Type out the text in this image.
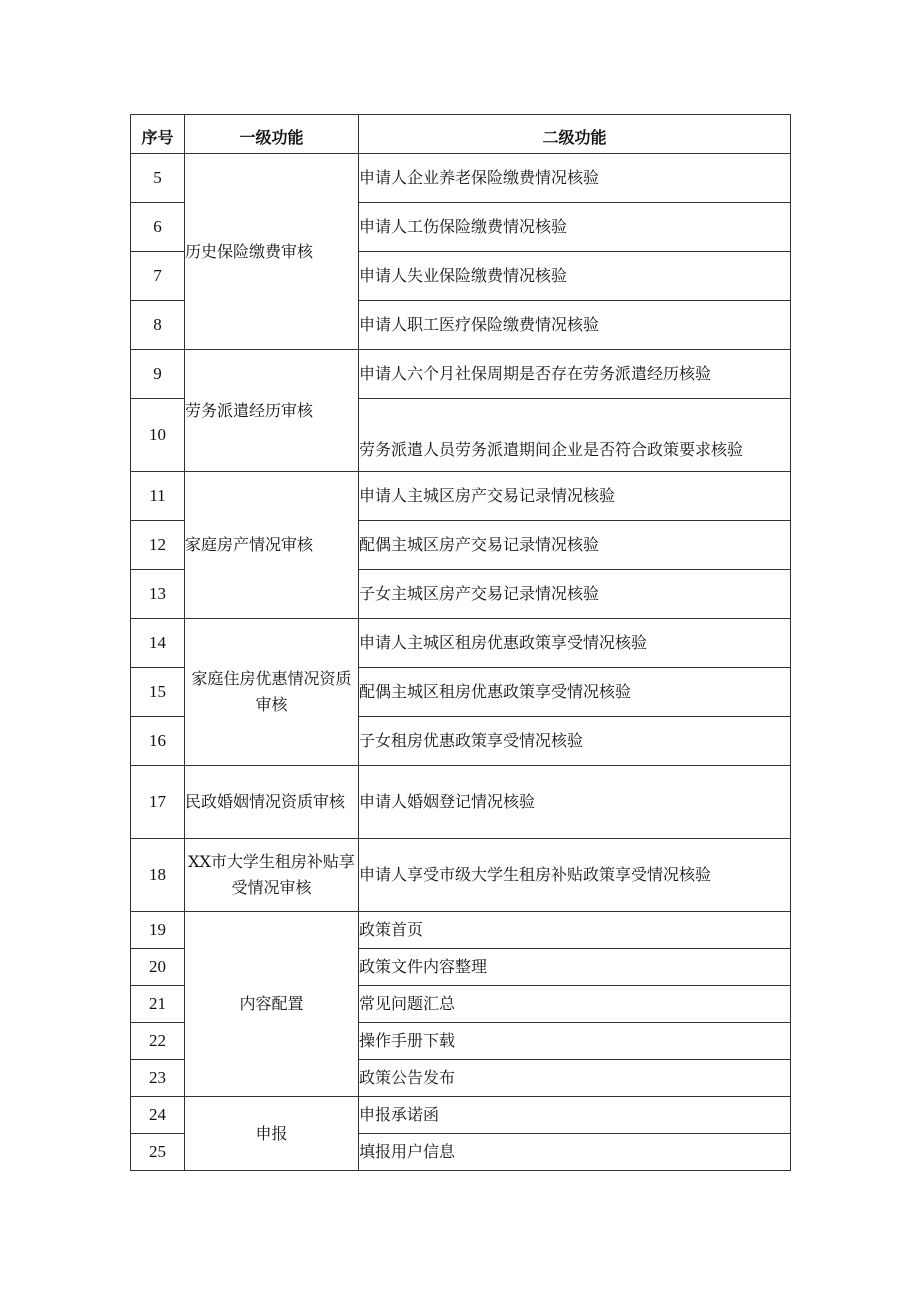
序号	一级功能	二级功能
5	历史保险缴费审核	申请人企业养老保险缴费情况核验
6		申请人工伤保险缴费情况核验
7		申请人失业保险缴费情况核验
8		申请人职工医疗保险缴费情况核验
9	劳务派遣经历审核	申请人六个月社保周期是否存在劳务派遣经历核验
10		劳务派遣人员劳务派遣期间企业是否符合政策要求核验
11	家庭房产情况审核	申请人主城区房产交易记录情况核验
12		配偶主城区房产交易记录情况核验
13		子女主城区房产交易记录情况核验
14	家庭住房优惠情况资质审核	申请人主城区租房优惠政策享受情况核验
15		配偶主城区租房优惠政策享受情况核验
16		子女租房优惠政策享受情况核验
17	民政婚姻情况资质审核	申请人婚姻登记情况核验
18	XX市大学生租房补贴享受情况审核	申请人享受市级大学生租房补贴政策享受情况核验
19	内容配置	政策首页
20		政策文件内容整理
21		常见问题汇总
22		操作手册下载
23		政策公告发布
24	申报	申报承诺函
25		填报用户信息
